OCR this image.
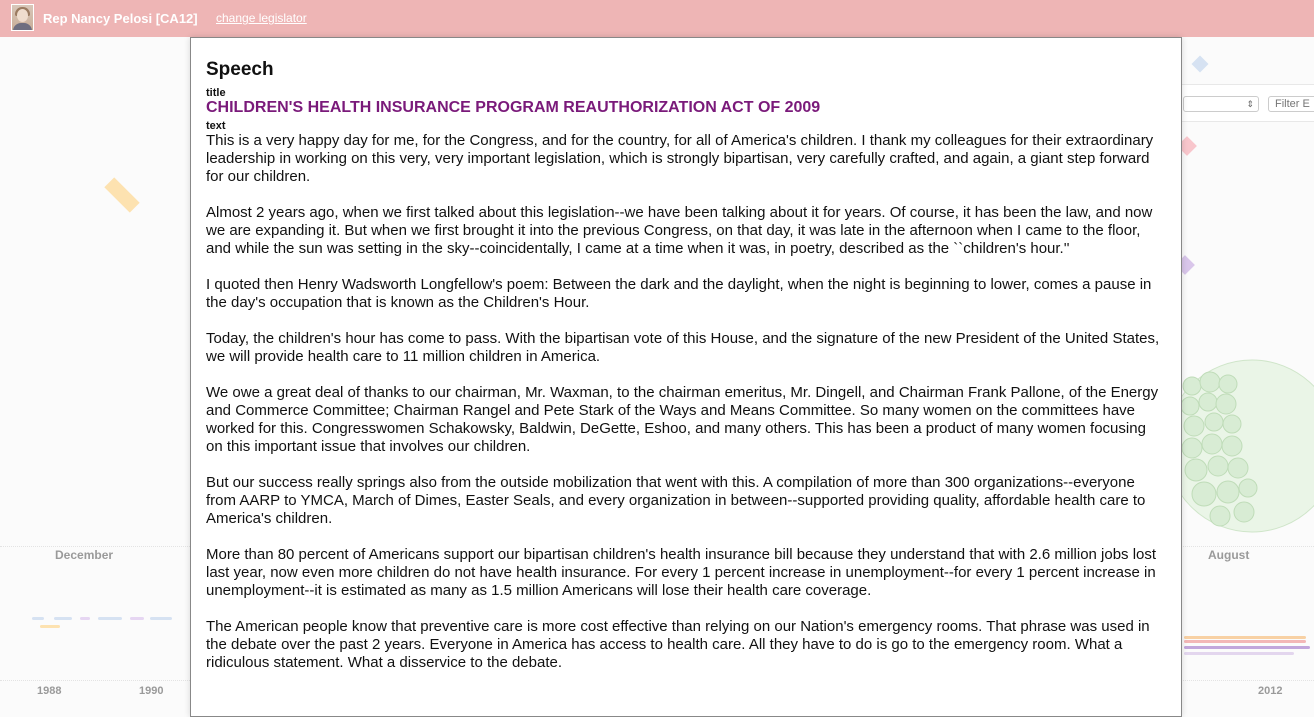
Rep Nancy Pelosi [CA12] change legislator
December	August
1988	1990	2012
⇕
Filter E
Speech
title
CHILDREN'S HEALTH INSURANCE PROGRAM REAUTHORIZATION ACT OF 2009
text

This is a very happy day for me, for the Congress, and for the country, for all of America's children. I thank my colleagues for their extraordinary leadership in working on this very, very important legislation, which is strongly bipartisan, very carefully crafted, and again, a giant step forward for our children.

Almost 2 years ago, when we first talked about this legislation--we have been talking about it for years. Of course, it has been the law, and now we are expanding it. But when we first brought it into the previous Congress, on that day, it was late in the afternoon when I came to the floor, and while the sun was setting in the sky--coincidentally, I came at a time when it was, in poetry, described as the ``children's hour.''

I quoted then Henry Wadsworth Longfellow's poem: Between the dark and the daylight, when the night is beginning to lower, comes a pause in the day's occupation that is known as the Children's Hour.

Today, the children's hour has come to pass. With the bipartisan vote of this House, and the signature of the new President of the United States, we will provide health care to 11 million children in America.

We owe a great deal of thanks to our chairman, Mr. Waxman, to the chairman emeritus, Mr. Dingell, and Chairman Frank Pallone, of the Energy and Commerce Committee; Chairman Rangel and Pete Stark of the Ways and Means Committee. So many women on the committees have worked for this. Congresswomen Schakowsky, Baldwin, DeGette, Eshoo, and many others. This has been a product of many women focusing on this important issue that involves our children.

But our success really springs also from the outside mobilization that went with this. A compilation of more than 300 organizations--everyone from AARP to YMCA, March of Dimes, Easter Seals, and every organization in between--supported providing quality, affordable health care to America's children.

More than 80 percent of Americans support our bipartisan children's health insurance bill because they understand that with 2.6 million jobs lost last year, now even more children do not have health insurance. For every 1 percent increase in unemployment--for every 1 percent increase in unemployment--it is estimated as many as 1.5 million Americans will lose their health care coverage.

The American people know that preventive care is more cost effective than relying on our Nation's emergency rooms. That phrase was used in the debate over the past 2 years. Everyone in America has access to health care. All they have to do is go to the emergency room. What a ridiculous statement. What a disservice to the debate.
